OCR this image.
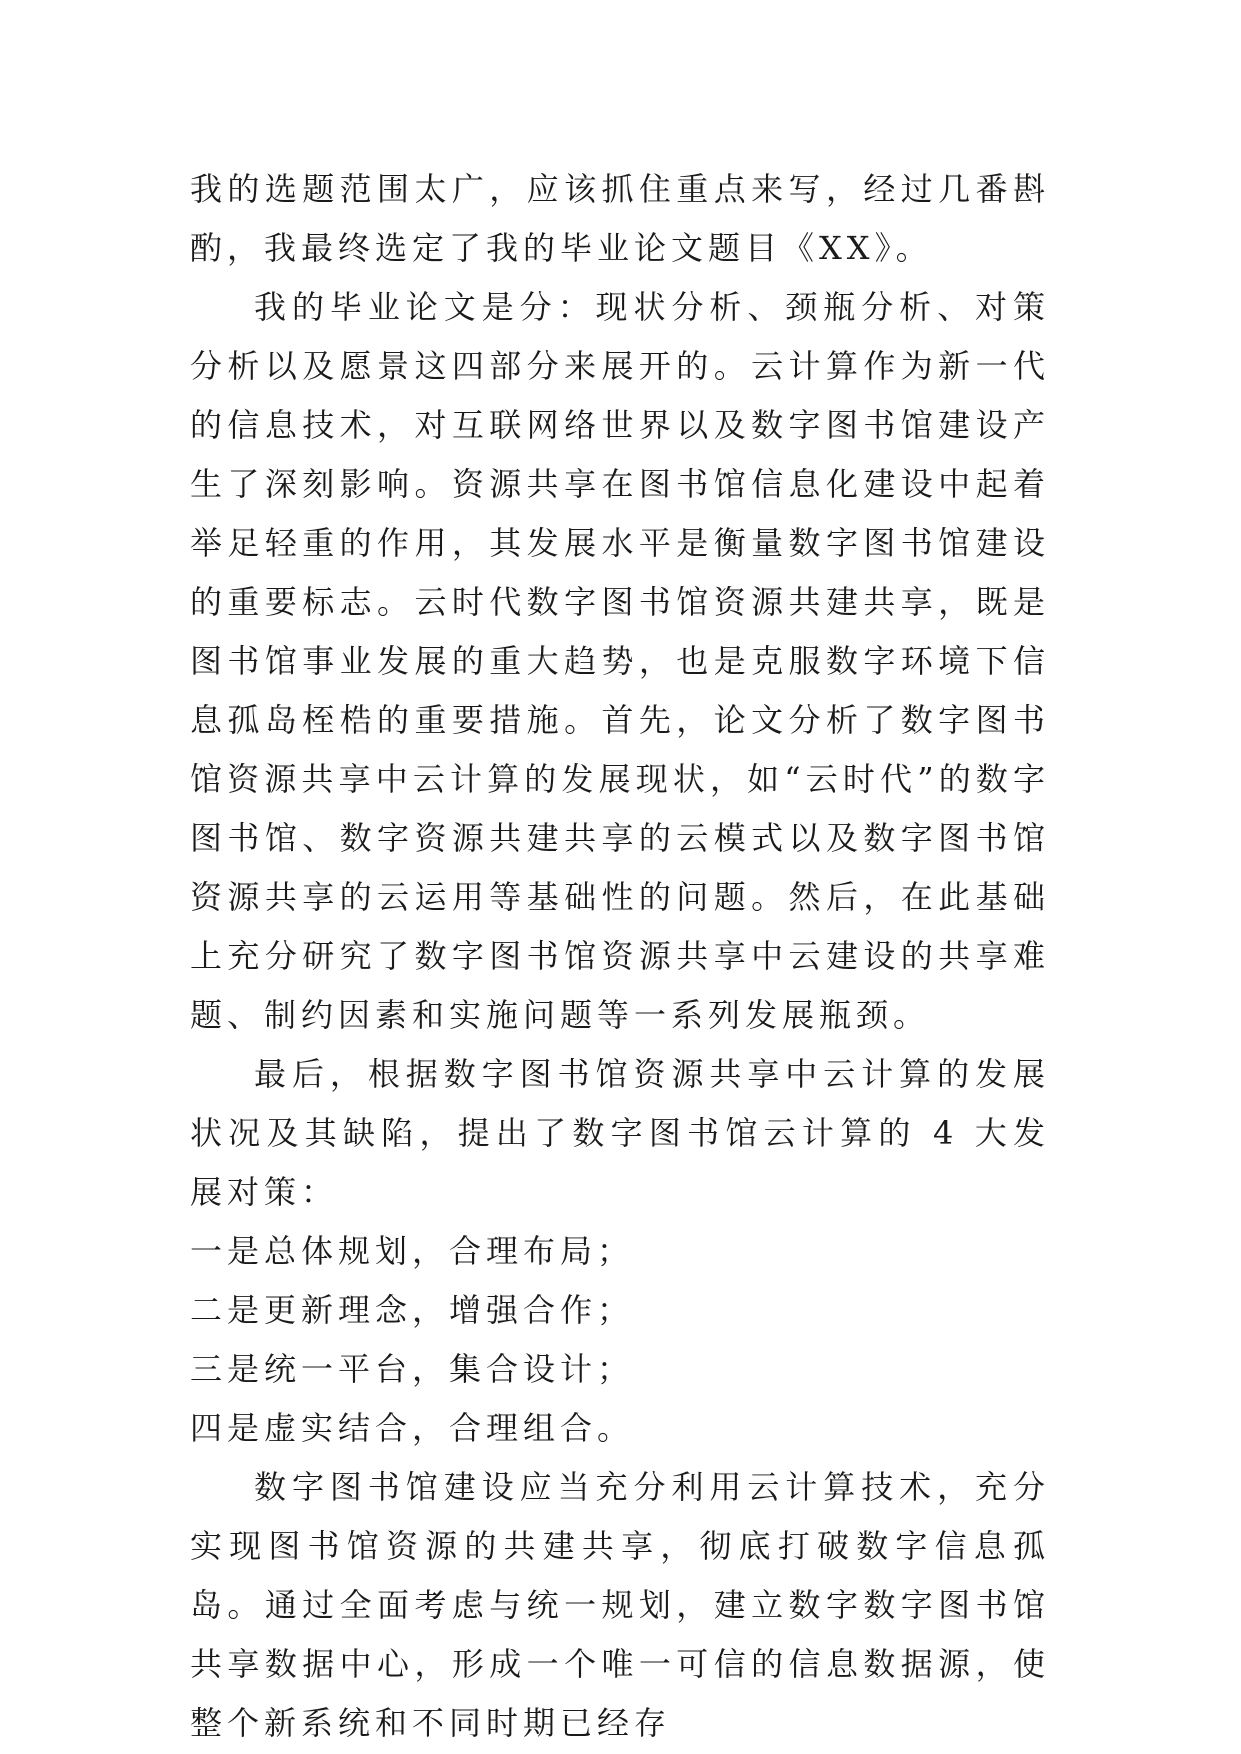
我的选题范围太广，应该抓住重点来写，经过几番斟酌，我最终选定了我的毕业论文题目《XX》。

我的毕业论文是分：现状分析、颈瓶分析、对策分析以及愿景这四部分来展开的。云计算作为新一代的信息技术，对互联网络世界以及数字图书馆建设产生了深刻影响。资源共享在图书馆信息化建设中起着举足轻重的作用，其发展水平是衡量数字图书馆建设的重要标志。云时代数字图书馆资源共建共享，既是图书馆事业发展的重大趋势，也是克服数字环境下信息孤岛桎梏的重要措施。首先，论文分析了数字图书馆资源共享中云计算的发展现状，如“云时代”的数字图书馆、数字资源共建共享的云模式以及数字图书馆资源共享的云运用等基础性的问题。然后，在此基础上充分研究了数字图书馆资源共享中云建设的共享难题、制约因素和实施问题等一系列发展瓶颈。

最后，根据数字图书馆资源共享中云计算的发展状况及其缺陷，提出了数字图书馆云计算的 4 大发展对策：

一是总体规划，合理布局；

二是更新理念，增强合作；

三是统一平台，集合设计；

四是虚实结合，合理组合。

数字图书馆建设应当充分利用云计算技术，充分实现图书馆资源的共建共享，彻底打破数字信息孤岛。通过全面考虑与统一规划，建立数字数字图书馆共享数据中心，形成一个唯一可信的信息数据源，使整个新系统和不同时期已经存
